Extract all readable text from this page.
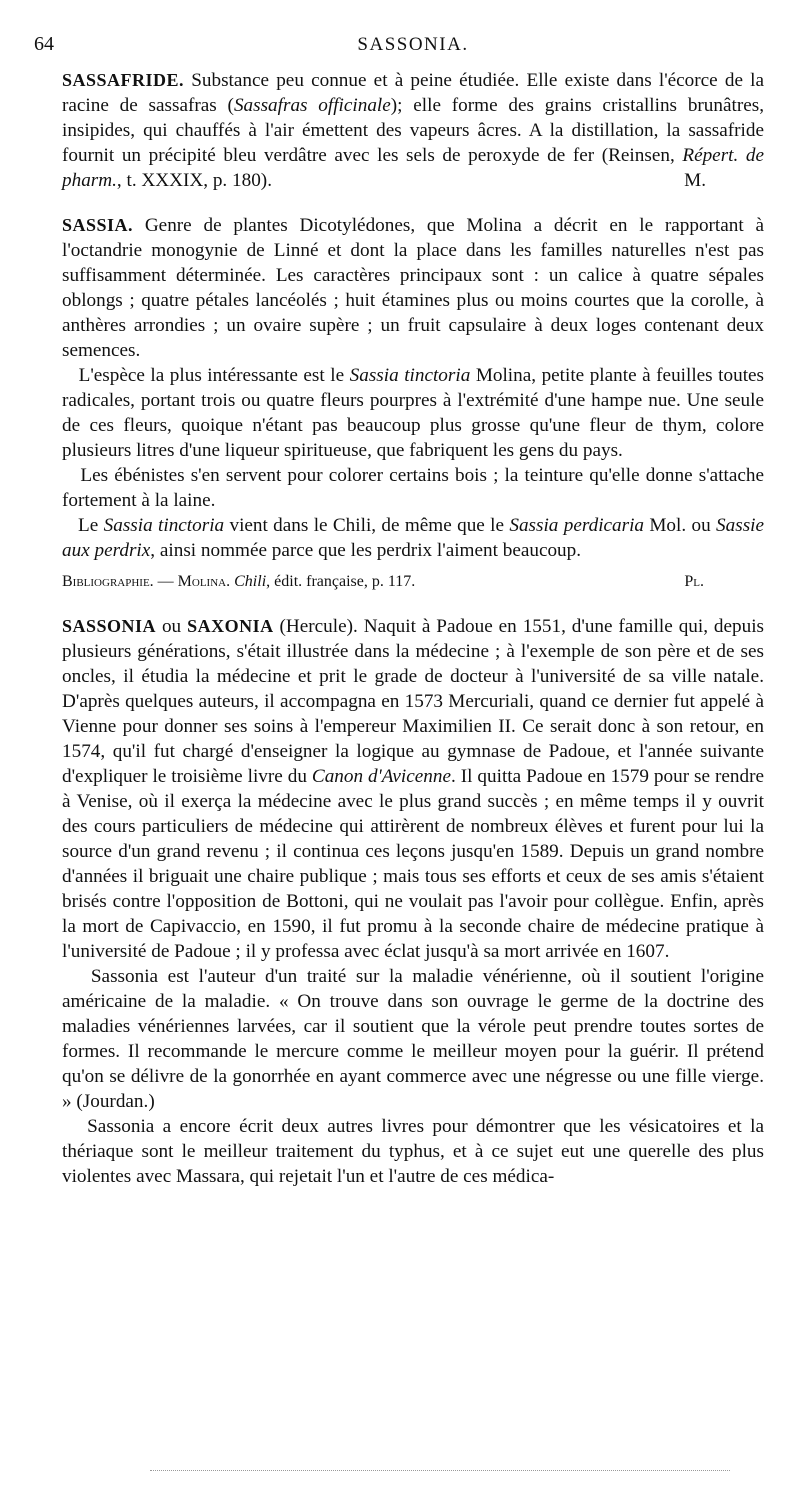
64	SASSONIA.

SASSAFRIDE. Substance peu connue et à peine étudiée. Elle existe dans l'écorce de la racine de sassafras (Sassafras officinale); elle forme des grains cristallins brunâtres, insipides, qui chauffés à l'air émettent des vapeurs âcres. A la distillation, la sassafride fournit un précipité bleu verdâtre avec les sels de peroxyde de fer (Reinsen, Répert. de pharm., t. XXXIX, p. 180).	M.

SASSIA. Genre de plantes Dicotylédones, que Molina a décrit en le rapportant à l'octandrie monogynie de Linné et dont la place dans les familles naturelles n'est pas suffisamment déterminée. Les caractères principaux sont : un calice à quatre sépales oblongs ; quatre pétales lancéolés ; huit étamines plus ou moins courtes que la corolle, à anthères arrondies ; un ovaire supère ; un fruit capsulaire à deux loges contenant deux semences.

L'espèce la plus intéressante est le Sassia tinctoria Molina, petite plante à feuilles toutes radicales, portant trois ou quatre fleurs pourpres à l'extrémité d'une hampe nue. Une seule de ces fleurs, quoique n'étant pas beaucoup plus grosse qu'une fleur de thym, colore plusieurs litres d'une liqueur spiritueuse, que fabriquent les gens du pays.

Les ébénistes s'en servent pour colorer certains bois ; la teinture qu'elle donne s'attache fortement à la laine.

Le Sassia tinctoria vient dans le Chili, de même que le Sassia perdicaria Mol. ou Sassie aux perdrix, ainsi nommée parce que les perdrix l'aiment beaucoup.

Bibliographie. — Molina. Chili, édit. française, p. 117.	Pl.

SASSONIA ou SAXONIA (Hercule). Naquit à Padoue en 1551, d'une famille qui, depuis plusieurs générations, s'était illustrée dans la médecine ; à l'exemple de son père et de ses oncles, il étudia la médecine et prit le grade de docteur à l'université de sa ville natale. D'après quelques auteurs, il accompagna en 1573 Mercuriali, quand ce dernier fut appelé à Vienne pour donner ses soins à l'empereur Maximilien II. Ce serait donc à son retour, en 1574, qu'il fut chargé d'enseigner la logique au gymnase de Padoue, et l'année suivante d'expliquer le troisième livre du Canon d'Avicenne. Il quitta Padoue en 1579 pour se rendre à Venise, où il exerça la médecine avec le plus grand succès ; en même temps il y ouvrit des cours particuliers de médecine qui attirèrent de nombreux élèves et furent pour lui la source d'un grand revenu ; il continua ces leçons jusqu'en 1589. Depuis un grand nombre d'années il briguait une chaire publique ; mais tous ses efforts et ceux de ses amis s'étaient brisés contre l'opposition de Bottoni, qui ne voulait pas l'avoir pour collègue. Enfin, après la mort de Capivaccio, en 1590, il fut promu à la seconde chaire de médecine pratique à l'université de Padoue ; il y professa avec éclat jusqu'à sa mort arrivée en 1607.

Sassonia est l'auteur d'un traité sur la maladie vénérienne, où il soutient l'origine américaine de la maladie. « On trouve dans son ouvrage le germe de la doctrine des maladies vénériennes larvées, car il soutient que la vérole peut prendre toutes sortes de formes. Il recommande le mercure comme le meilleur moyen pour la guérir. Il prétend qu'on se délivre de la gonorrhée en ayant commerce avec une négresse ou une fille vierge. » (Jourdan.)

Sassonia a encore écrit deux autres livres pour démontrer que les vésicatoires et la thériaque sont le meilleur traitement du typhus, et à ce sujet eut une querelle des plus violentes avec Massara, qui rejetait l'un et l'autre de ces médica-
